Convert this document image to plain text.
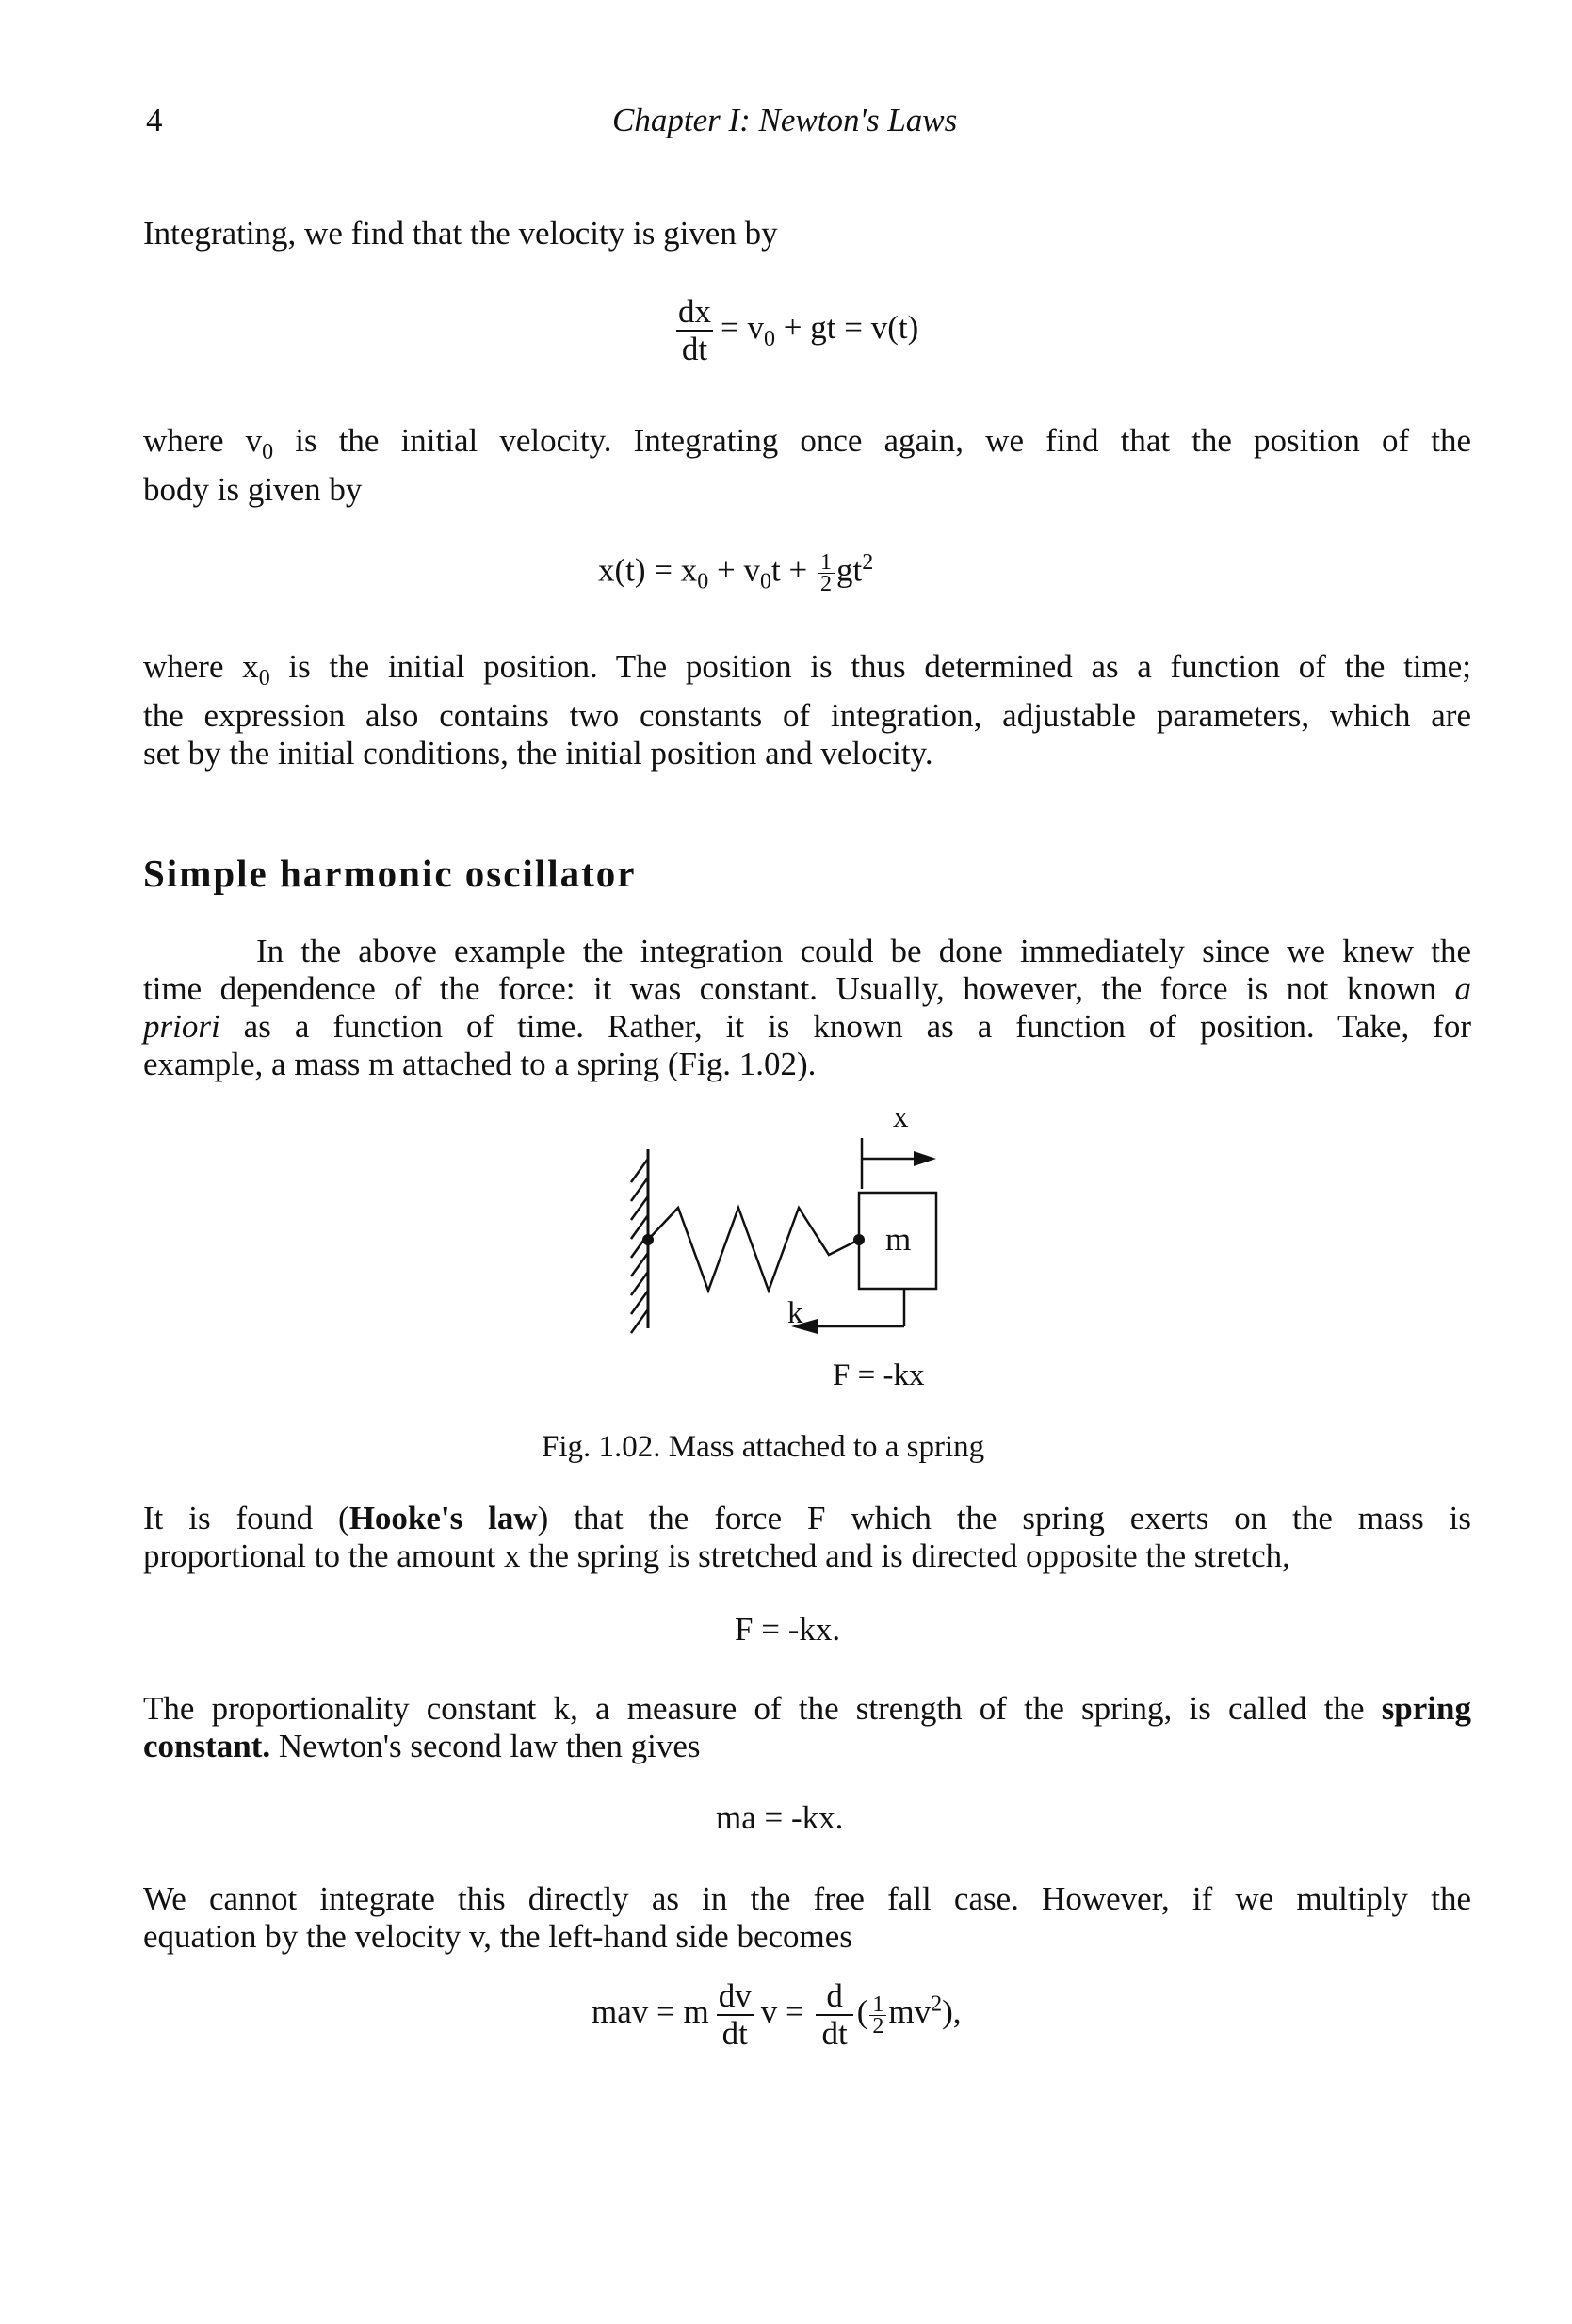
4	Chapter I: Newton's Laws
Integrating, we find that the velocity is given by
$\frac{dx}{dt} = v_0$ + gt = v(t)
where $v_0$ is the initial velocity. Integrating once again, we find that the position of the
body is given by
$x(t) = x_0 + v_0t + \frac{1}{2} gt^2$
where $x_0$ is the initial position. The position is thus determined as a function of the time;
the expression also contains two constants of integration, adjustable parameters, which are
set by the initial conditions, the initial position and velocity.
Simple harmonic oscillator
In the above example the integration could be done immediately since we knew the
time dependence of the force: it was constant. Usually, however, the force is not known a
priori as a function of time. Rather, it is known as a function of position. Take, for
example, a mass m attached to a spring (Fig. 1.02).
x
m
k
F = -kx
Fig. 1.02. Mass attached to a spring
It is found (Hooke's law) that the force F which the spring exerts on the mass is
proportional to the amount x the spring is stretched and is directed opposite the stretch,
F = -kx.
The proportionality constant k, a measure of the strength of the spring, is called the spring
constant. Newton's second law then gives
ma = -kx.
We cannot integrate this directly as in the free fall case. However, if we multiply the
equation by the velocity v, the left-hand side becomes
mav = m $\frac{dv}{dt}$ $v = \frac{d}{dt}$ ( $\frac{1}{2} mv^2$),
